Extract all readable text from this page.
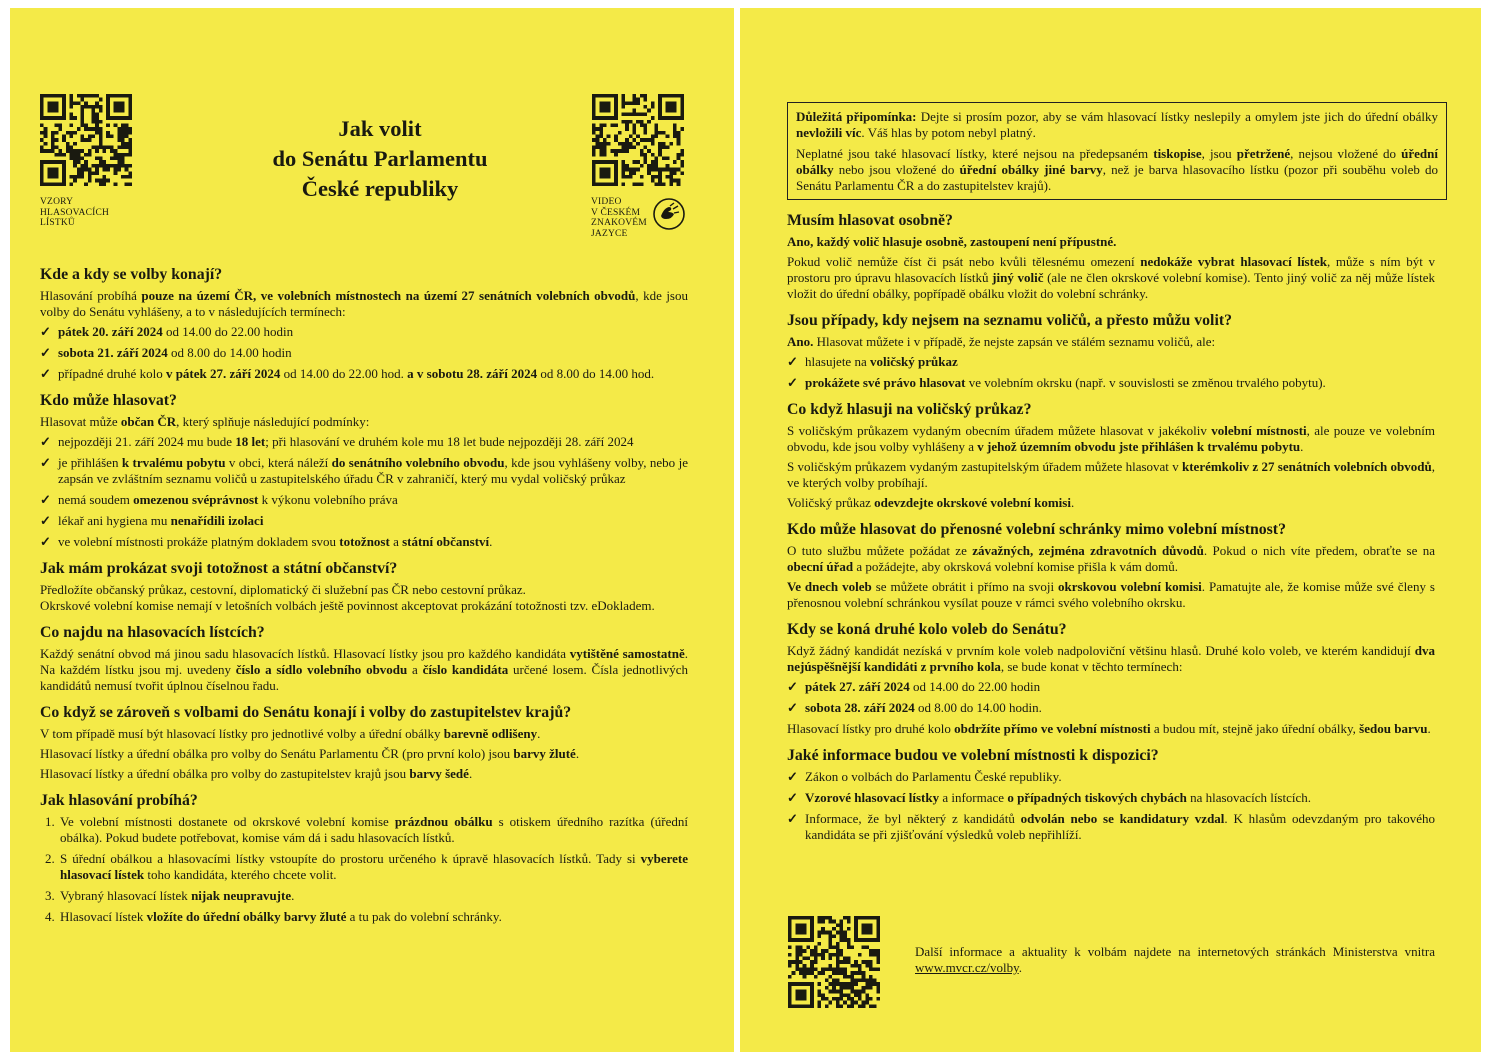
VZORY
HLASOVACÍCH
LÍSTKŮ
Jak volit
do Senátu Parlamentu
České republiky
VIDEO
V ČESKÉM
ZNAKOVÉM
JAZYCE
Kde a kdy se volby konají?

Hlasování probíhá pouze na území ČR, ve volebních místnostech na území 27 senátních volebních obvodů, kde jsou volby do Senátu vyhlášeny, a to v následujících termínech:

✓ pátek 20. září 2024 od 14.00 do 22.00 hodin
✓ sobota 21. září 2024 od 8.00 do 14.00 hodin
✓ případné druhé kolo v pátek 27. září 2024 od 14.00 do 22.00 hod. a v sobotu 28. září 2024 od 8.00 do 14.00 hod.
Kdo může hlasovat?

Hlasovat může občan ČR, který splňuje následující podmínky:

✓ nejpozději 21. září 2024 mu bude 18 let; při hlasování ve druhém kole mu 18 let bude nejpozději 28. září 2024
✓ je přihlášen k trvalému pobytu v obci, která náleží do senátního volebního obvodu, kde jsou vyhlášeny volby, nebo je zapsán ve zvláštním seznamu voličů u zastupitelského úřadu ČR v zahraničí, který mu vydal voličský průkaz
✓ nemá soudem omezenou svéprávnost k výkonu volebního práva
✓ lékař ani hygiena mu nenařídili izolaci
✓ ve volební místnosti prokáže platným dokladem svou totožnost a státní občanství.
Jak mám prokázat svoji totožnost a státní občanství?

Předložíte občanský průkaz, cestovní, diplomatický či služební pas ČR nebo cestovní průkaz.

Okrskové volební komise nemají v letošních volbách ještě povinnost akceptovat prokázání totožnosti tzv. eDokladem.

Co najdu na hlasovacích lístcích?

Každý senátní obvod má jinou sadu hlasovacích lístků. Hlasovací lístky jsou pro každého kandidáta vytištěné samostatně. Na každém lístku jsou mj. uvedeny číslo a sídlo volebního obvodu a číslo kandidáta určené losem. Čísla jednotlivých kandidátů nemusí tvořit úplnou číselnou řadu.

Co když se zároveň s volbami do Senátu konají i volby do zastupitelstev krajů?

V tom případě musí být hlasovací lístky pro jednotlivé volby a úřední obálky barevně odlišeny.

Hlasovací lístky a úřední obálka pro volby do Senátu Parlamentu ČR (pro první kolo) jsou barvy žluté.

Hlasovací lístky a úřední obálka pro volby do zastupitelstev krajů jsou barvy šedé.

Jak hlasování probíhá?
1. Ve volební místnosti dostanete od okrskové volební komise prázdnou obálku s otiskem úředního razítka (úřední obálka). Pokud budete potřebovat, komise vám dá i sadu hlasovacích lístků.
2. S úřední obálkou a hlasovacími lístky vstoupíte do prostoru určeného k úpravě hlasovacích lístků. Tady si vyberete hlasovací lístek toho kandidáta, kterého chcete volit.
3. Vybraný hlasovací lístek nijak neupravujte.
4. Hlasovací lístek vložíte do úřední obálky barvy žluté a tu pak do volební schránky.

Důležitá připomínka: Dejte si prosím pozor, aby se vám hlasovací lístky neslepily a omylem jste jich do úřední obálky nevložili víc. Váš hlas by potom nebyl platný.

Neplatné jsou také hlasovací lístky, které nejsou na předepsaném tiskopise, jsou přetržené, nejsou vložené do úřední obálky nebo jsou vložené do úřední obálky jiné barvy, než je barva hlasovacího lístku (pozor při souběhu voleb do Senátu Parlamentu ČR a do zastupitelstev krajů).

Musím hlasovat osobně?

Ano, každý volič hlasuje osobně, zastoupení není přípustné.

Pokud volič nemůže číst či psát nebo kvůli tělesnému omezení nedokáže vybrat hlasovací lístek, může s ním být v prostoru pro úpravu hlasovacích lístků jiný volič (ale ne člen okrskové volební komise). Tento jiný volič za něj může lístek vložit do úřední obálky, popřípadě obálku vložit do volební schránky.

Jsou případy, kdy nejsem na seznamu voličů, a přesto můžu volit?

Ano. Hlasovat můžete i v případě, že nejste zapsán ve stálém seznamu voličů, ale:

✓ hlasujete na voličský průkaz
✓ prokážete své právo hlasovat ve volebním okrsku (např. v souvislosti se změnou trvalého pobytu).
Co když hlasuji na voličský průkaz?

S voličským průkazem vydaným obecním úřadem můžete hlasovat v jakékoliv volební místnosti, ale pouze ve volebním obvodu, kde jsou volby vyhlášeny a v jehož územním obvodu jste přihlášen k trvalému pobytu.

S voličským průkazem vydaným zastupitelským úřadem můžete hlasovat v kterémkoliv z 27 senátních volebních obvodů, ve kterých volby probíhají.

Voličský průkaz odevzdejte okrskové volební komisi.

Kdo může hlasovat do přenosné volební schránky mimo volební místnost?

O tuto službu můžete požádat ze závažných, zejména zdravotních důvodů. Pokud o nich víte předem, obraťte se na obecní úřad a požádejte, aby okrsková volební komise přišla k vám domů.

Ve dnech voleb se můžete obrátit i přímo na svoji okrskovou volební komisi. Pamatujte ale, že komise může své členy s přenosnou volební schránkou vysílat pouze v rámci svého volebního okrsku.

Kdy se koná druhé kolo voleb do Senátu?

Když žádný kandidát nezíská v prvním kole voleb nadpoloviční většinu hlasů. Druhé kolo voleb, ve kterém kandidují dva nejúspěšnější kandidáti z prvního kola, se bude konat v těchto termínech:

✓ pátek 27. září 2024 od 14.00 do 22.00 hodin
✓ sobota 28. září 2024 od 8.00 do 14.00 hodin.

Hlasovací lístky pro druhé kolo obdržíte přímo ve volební místnosti a budou mít, stejně jako úřední obálky, šedou barvu.

Jaké informace budou ve volební místnosti k dispozici?
✓ Zákon o volbách do Parlamentu České republiky.
✓ Vzorové hlasovací lístky a informace o případných tiskových chybách na hlasovacích lístcích.
✓ Informace, že byl některý z kandidátů odvolán nebo se kandidatury vzdal. K hlasům odevzdaným pro takového kandidáta se při zjišťování výsledků voleb nepřihlíží.
Další informace a aktuality k volbám najdete na internetových stránkách Ministerstva vnitra www.mvcr.cz/volby.
